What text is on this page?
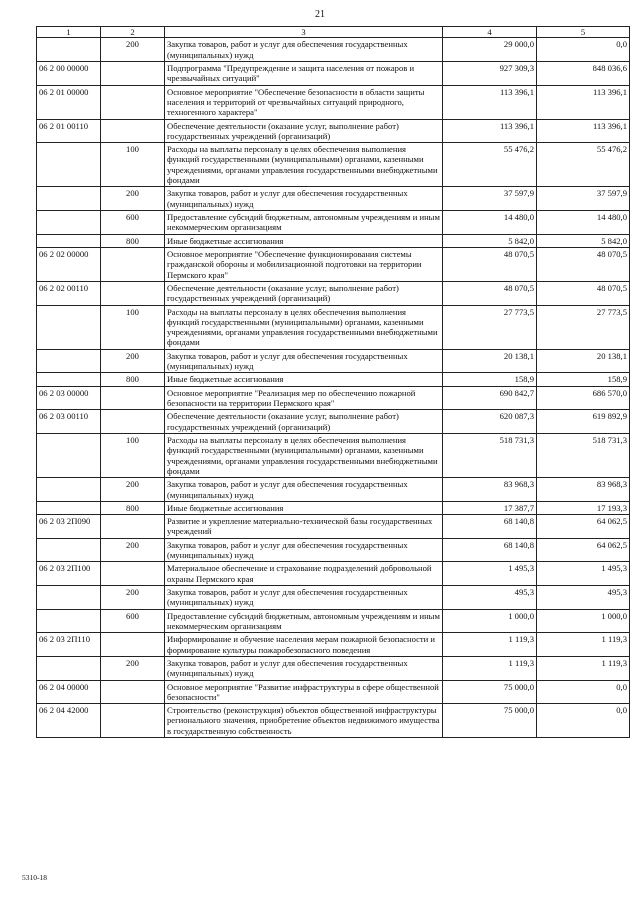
21
1	2	3	4	5
	200	Закупка товаров, работ и услуг для обеспечения государственных (муниципальных) нужд	29 000,0	0,0
06 2 00 00000		Подпрограмма "Предупреждение и защита населения от пожаров и чрезвычайных ситуаций"	927 309,3	848 036,6
06 2 01 00000		Основное мероприятие "Обеспечение безопасности в области защиты населения и территорий от чрезвычайных ситуаций природного, техногенного характера"	113 396,1	113 396,1
06 2 01 00110		Обеспечение деятельности (оказание услуг, выполнение работ) государственных учреждений (организаций)	113 396,1	113 396,1
	100	Расходы на выплаты персоналу в целях обеспечения выполнения функций государственными (муниципальными) органами, казенными учреждениями, органами управления государственными внебюджетными фондами	55 476,2	55 476,2
	200	Закупка товаров, работ и услуг для обеспечения государственных (муниципальных) нужд	37 597,9	37 597,9
	600	Предоставление субсидий бюджетным, автономным учреждениям и иным некоммерческим организациям	14 480,0	14 480,0
	800	Иные бюджетные ассигнования	5 842,0	5 842,0
06 2 02 00000		Основное мероприятие "Обеспечение функционирования системы гражданской обороны и мобилизационной подготовки на территории Пермского края"	48 070,5	48 070,5
06 2 02 00110		Обеспечение деятельности (оказание услуг, выполнение работ) государственных учреждений (организаций)	48 070,5	48 070,5
	100	Расходы на выплаты персоналу в целях обеспечения выполнения функций государственными (муниципальными) органами, казенными учреждениями, органами управления государственными внебюджетными фондами	27 773,5	27 773,5
	200	Закупка товаров, работ и услуг для обеспечения государственных (муниципальных) нужд	20 138,1	20 138,1
	800	Иные бюджетные ассигнования	158,9	158,9
06 2 03 00000		Основное мероприятие "Реализация мер по обеспечению пожарной безопасности на территории Пермского края"	690 842,7	686 570,0
06 2 03 00110		Обеспечение деятельности (оказание услуг, выполнение работ) государственных учреждений (организаций)	620 087,3	619 892,9
	100	Расходы на выплаты персоналу в целях обеспечения выполнения функций государственными (муниципальными) органами, казенными учреждениями, органами управления государственными внебюджетными фондами	518 731,3	518 731,3
	200	Закупка товаров, работ и услуг для обеспечения государственных (муниципальных) нужд	83 968,3	83 968,3
	800	Иные бюджетные ассигнования	17 387,7	17 193,3
06 2 03 2П090		Развитие и укрепление материально-технической базы государственных учреждений	68 140,8	64 062,5
	200	Закупка товаров, работ и услуг для обеспечения государственных (муниципальных) нужд	68 140,8	64 062,5
06 2 03 2П100		Материальное обеспечение и страхование подразделений добровольной охраны Пермского края	1 495,3	1 495,3
	200	Закупка товаров, работ и услуг для обеспечения государственных (муниципальных) нужд	495,3	495,3
	600	Предоставление субсидий бюджетным, автономным учреждениям и иным некоммерческим организациям	1 000,0	1 000,0
06 2 03 2П110		Информирование и обучение населения мерам пожарной безопасности и формирование культуры пожаробезопасного поведения	1 119,3	1 119,3
	200	Закупка товаров, работ и услуг для обеспечения государственных (муниципальных) нужд	1 119,3	1 119,3
06 2 04 00000		Основное мероприятие "Развитие инфраструктуры в сфере общественной безопасности"	75 000,0	0,0
06 2 04 42000		Строительство (реконструкция) объектов общественной инфраструктуры регионального значения, приобретение объектов недвижимого имущества в государственную собственность	75 000,0	0,0
5310-18
